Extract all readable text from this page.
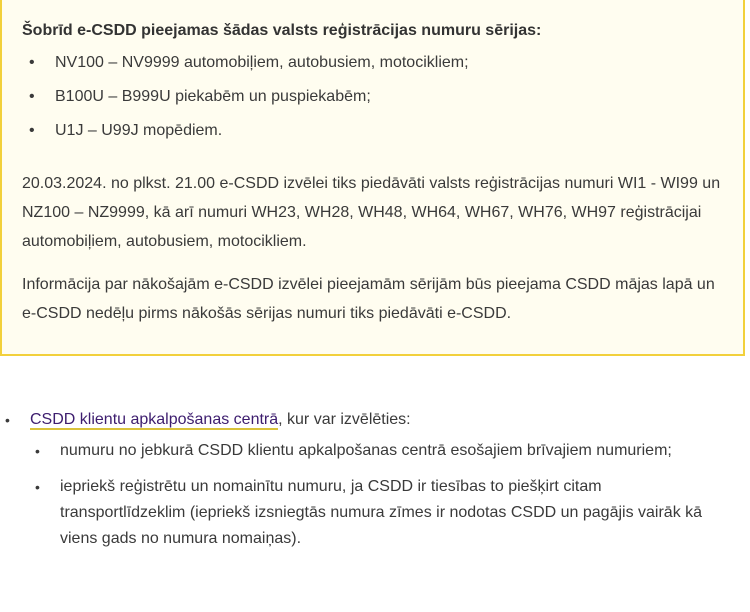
Šobrīd e-CSDD pieejamas šādas valsts reģistrācijas numuru sērijas:

• NV100 – NV9999 automobiļiem, autobusiem, motocikliem;
• B100U – B999U piekabēm un puspiekabēm;
• U1J – U99J mopēdiem.

20.03.2024. no plkst. 21.00 e-CSDD izvēlei tiks piedāvāti valsts reģistrācijas numuri WI1 - WI99 un NZ100 – NZ9999, kā arī numuri WH23, WH28, WH48, WH64, WH67, WH76, WH97 reģistrācijai automobiļiem, autobusiem, motocikliem.

Informācija par nākošajām e-CSDD izvēlei pieejamām sērijām būs pieejama CSDD mājas lapā un e-CSDD nedēļu pirms nākošās sērijas numuri tiks piedāvāti e-CSDD.

• CSDD klientu apkalpošanas centrā, kur var izvēlēties:
• numuru no jebkurā CSDD klientu apkalpošanas centrā esošajiem brīvajiem numuriem;
• iepriekš reģistrētu un nomainītu numuru, ja CSDD ir tiesības to piešķirt citam transportlīdzeklim (iepriekš izsniegtās numura zīmes ir nodotas CSDD un pagājis vairāk kā viens gads no numura nomaiņas).
